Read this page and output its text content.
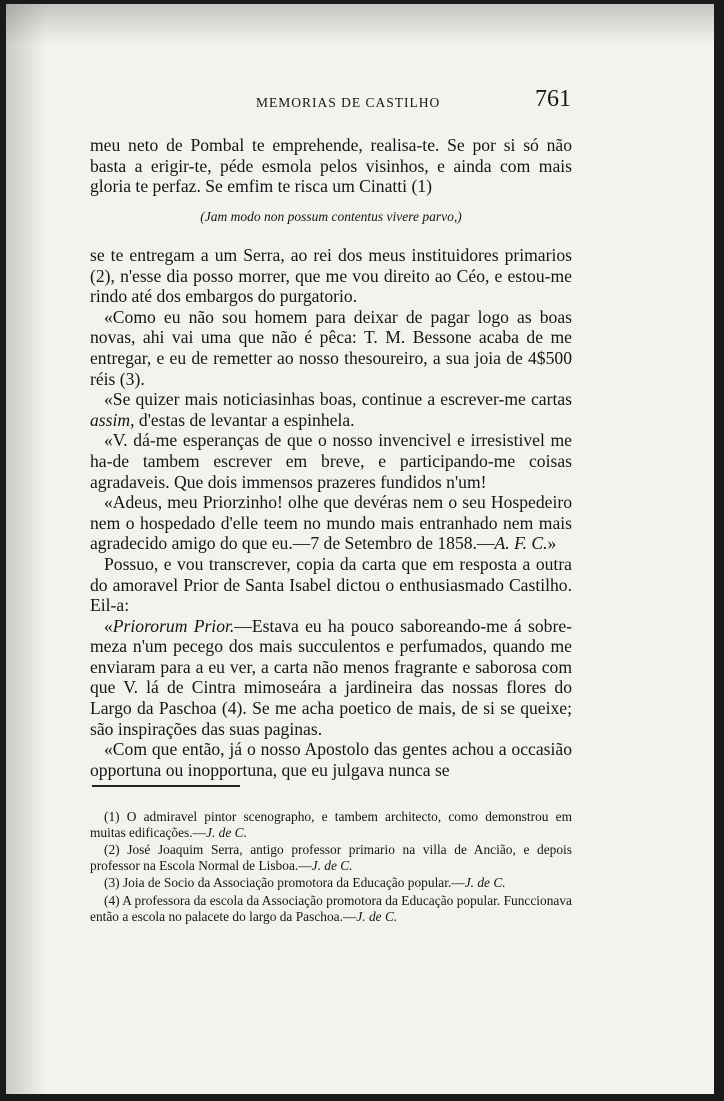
MEMORIAS DE CASTILHO	761

meu neto de Pombal te emprehende, realisa-te. Se por si só não basta a erigir-te, péde esmola pelos visinhos, e ainda com mais gloria te perfaz. Se emfim te risca um Cinatti (1)

(Jam modo non possum contentus vivere parvo,)

se te entregam a um Serra, ao rei dos meus instituidores primarios (2), n'esse dia posso morrer, que me vou direito ao Céo, e estou-me rindo até dos embargos do purgatorio.

«Como eu não sou homem para deixar de pagar logo as boas novas, ahi vai uma que não é pêca: T. M. Bessone acaba de me entregar, e eu de remetter ao nosso thesoureiro, a sua joia de 4$500 réis (3).

«Se quizer mais noticiasinhas boas, continue a escrever-me cartas assim, d'estas de levantar a espinhela.

«V. dá-me esperanças de que o nosso invencivel e irresistivel me ha-de tambem escrever em breve, e participando-me coisas agradaveis. Que dois immensos prazeres fundidos n'um!

«Adeus, meu Priorzinho! olhe que devéras nem o seu Hospedeiro nem o hospedado d'elle teem no mundo mais entranhado nem mais agradecido amigo do que eu.—7 de Setembro de 1858.—A. F. C.»

Possuo, e vou transcrever, copia da carta que em resposta a outra do amoravel Prior de Santa Isabel dictou o enthusiasmado Castilho. Eil-a:

«Priororum Prior.—Estava eu ha pouco saboreando-me á sobre-meza n'um pecego dos mais succulentos e perfumados, quando me enviaram para a eu ver, a carta não menos fragrante e saborosa com que V. lá de Cintra mimoseára a jardineira das nossas flores do Largo da Paschoa (4). Se me acha poetico de mais, de si se queixe; são inspirações das suas paginas.

«Com que então, já o nosso Apostolo das gentes achou a occasião opportuna ou inopportuna, que eu julgava nunca se

(1) O admiravel pintor scenographo, e tambem architecto, como demonstrou em muitas edificações.—J. de C.

(2) José Joaquim Serra, antigo professor primario na villa de Ancião, e depois professor na Escola Normal de Lisboa.—J. de C.

(3) Joia de Socio da Associação promotora da Educação popular.—J. de C.

(4) A professora da escola da Associação promotora da Educação popular. Funccionava então a escola no palacete do largo da Paschoa.—J. de C.
